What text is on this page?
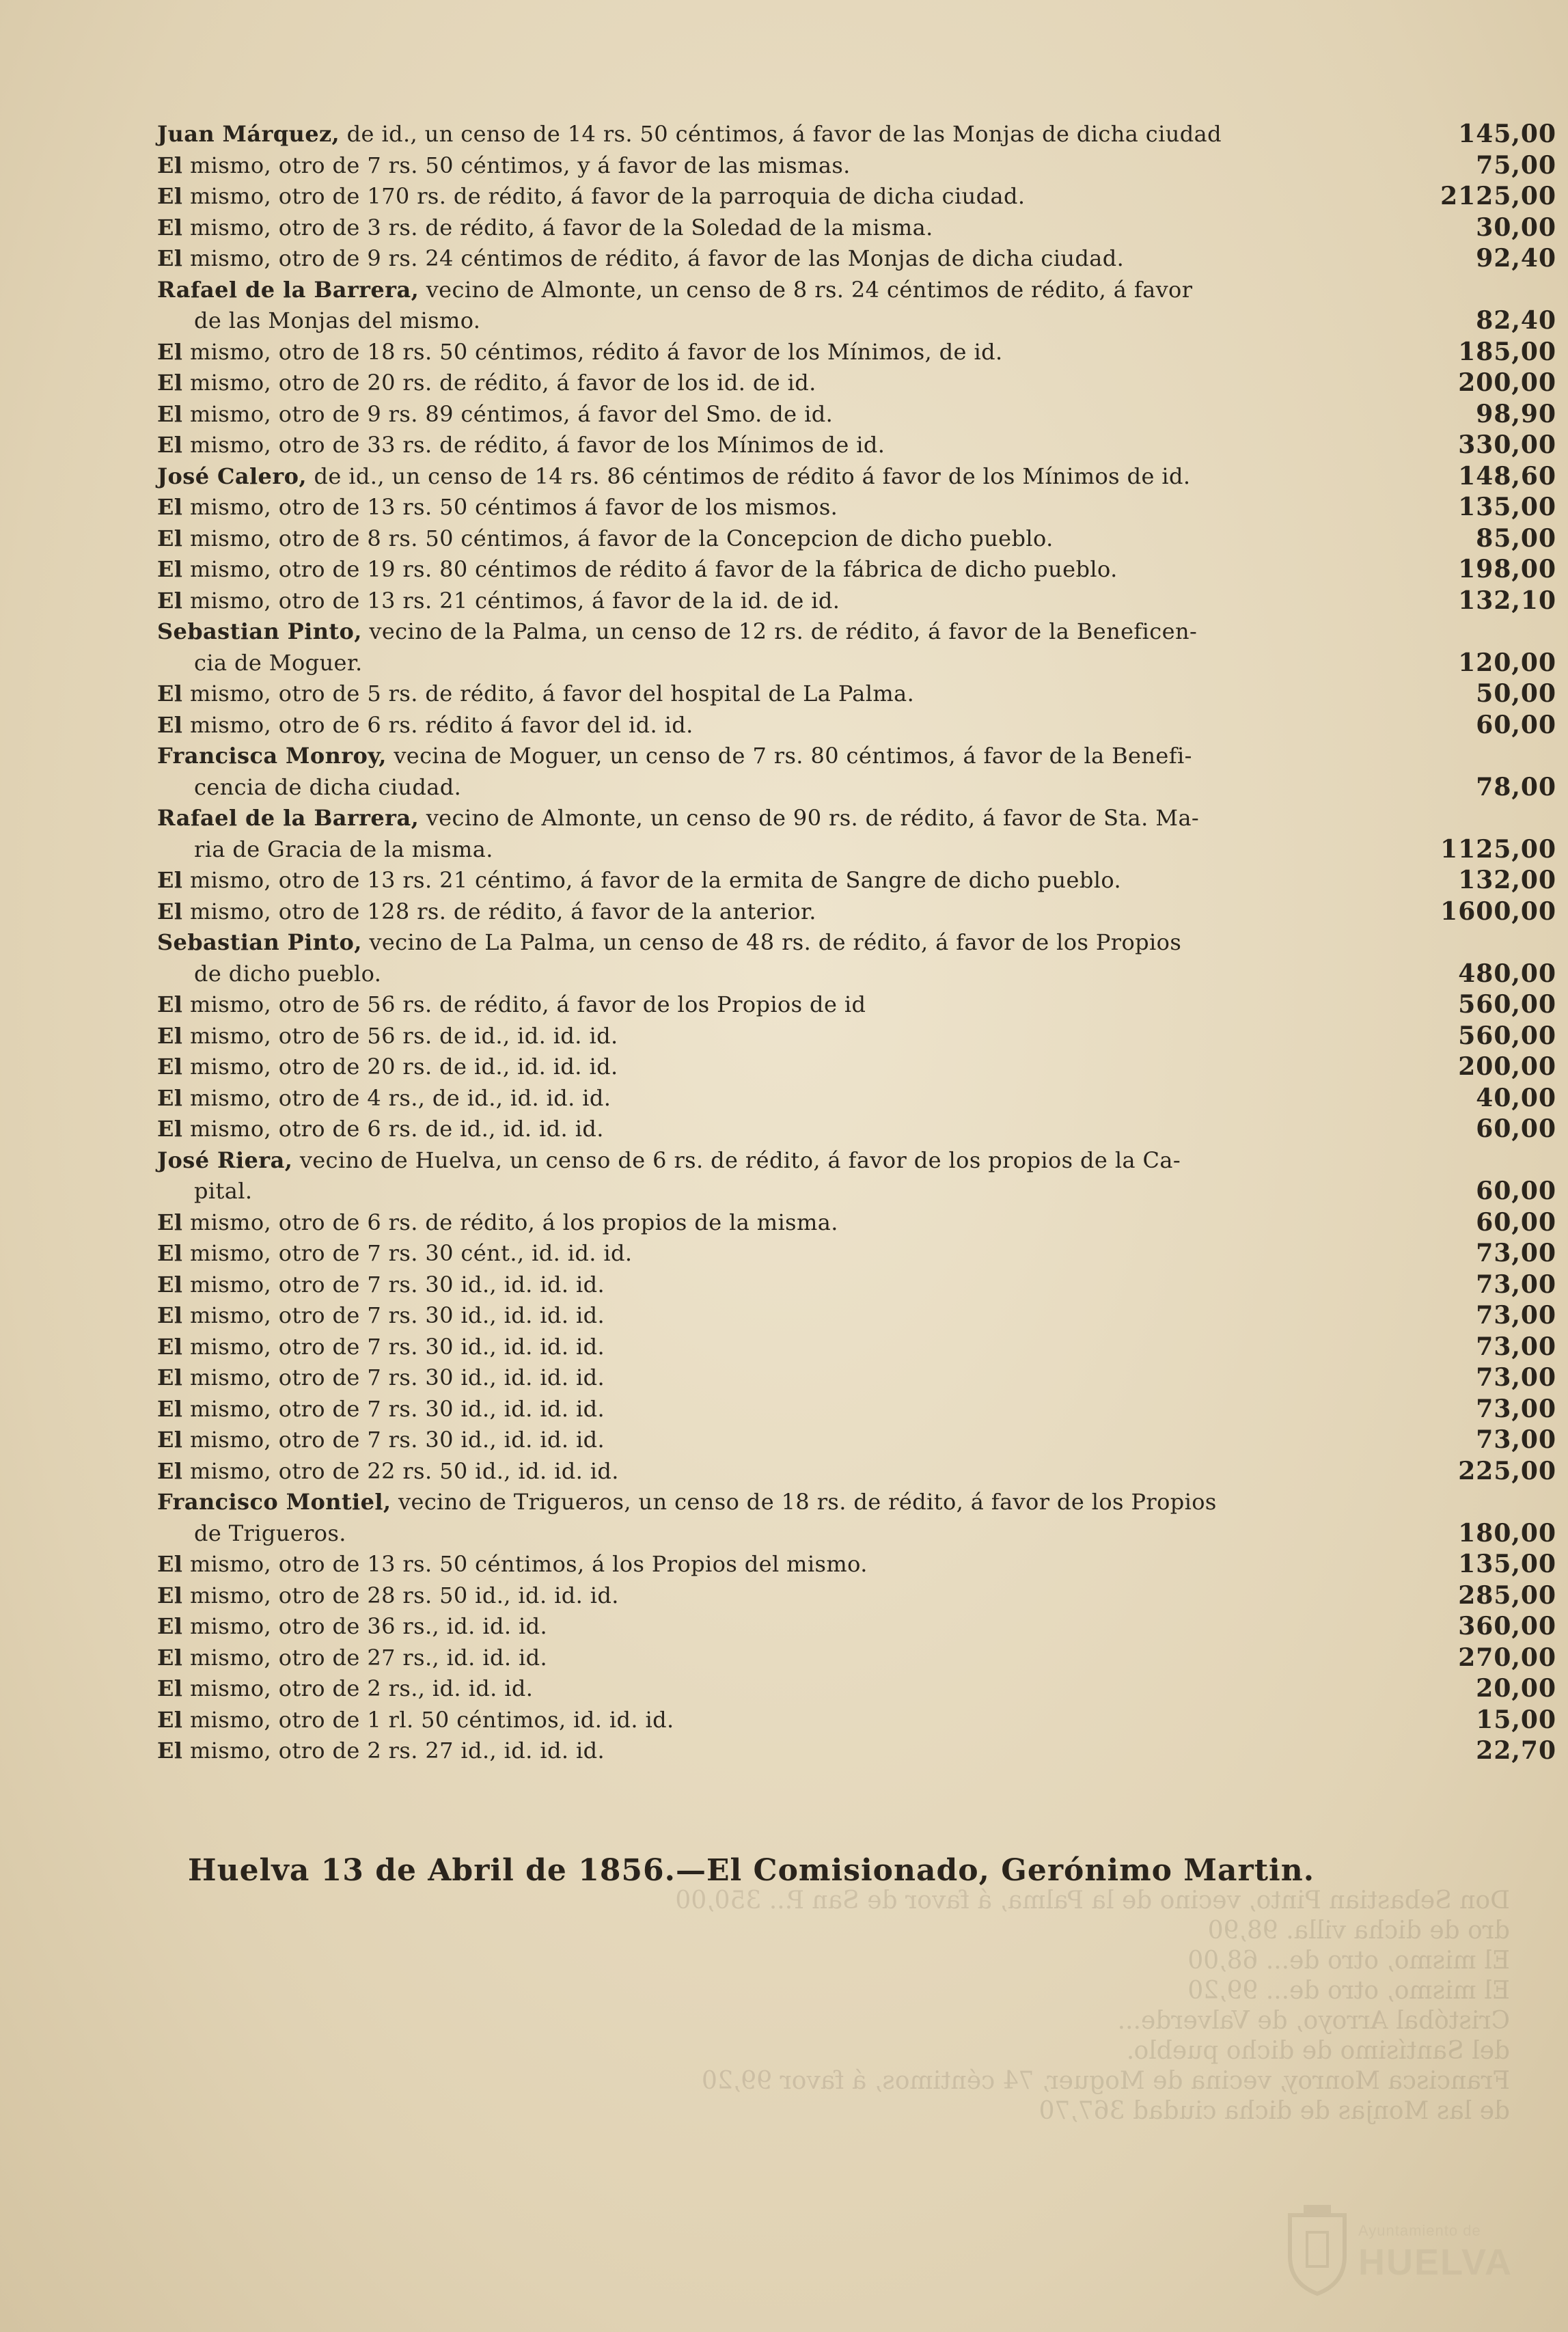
Don Sebastian Pinto, vecino de la Palma, á favor de San P... 350,00
dro de dicha villa. 98,90
El mismo, otro de... 68,00
El mismo, otro de... 99,20
Cristóbal Arroyo, de Valverde...
del Santísimo de dicho pueblo.
Francisca Monroy, vecina de Moguer, 74 céntimos, á favor 99,20
de las Monjas de dicha ciudad 367,70
Juan Márquez, de id., un censo de 14 rs. 50 céntimos, á favor de las Monjas de dicha ciudad	145,00
El mismo, otro de 7 rs. 50 céntimos, y á favor de las mismas.	75,00
El mismo, otro de 170 rs. de rédito, á favor de la parroquia de dicha ciudad.	2125,00
El mismo, otro de 3 rs. de rédito, á favor de la Soledad de la misma.	30,00
El mismo, otro de 9 rs. 24 céntimos de rédito, á favor de las Monjas de dicha ciudad.	92,40
Rafael de la Barrera, vecino de Almonte, un censo de 8 rs. 24 céntimos de rédito, á favor
de las Monjas del mismo.	82,40
El mismo, otro de 18 rs. 50 céntimos, rédito á favor de los Mínimos, de id.	185,00
El mismo, otro de 20 rs. de rédito, á favor de los id. de id.	200,00
El mismo, otro de 9 rs. 89 céntimos, á favor del Smo. de id.	98,90
El mismo, otro de 33 rs. de rédito, á favor de los Mínimos de id.	330,00
José Calero, de id., un censo de 14 rs. 86 céntimos de rédito á favor de los Mínimos de id.	148,60
El mismo, otro de 13 rs. 50 céntimos á favor de los mismos.	135,00
El mismo, otro de 8 rs. 50 céntimos, á favor de la Concepcion de dicho pueblo.	85,00
El mismo, otro de 19 rs. 80 céntimos de rédito á favor de la fábrica de dicho pueblo.	198,00
El mismo, otro de 13 rs. 21 céntimos, á favor de la id. de id.	132,10
Sebastian Pinto, vecino de la Palma, un censo de 12 rs. de rédito, á favor de la Beneficen-
cia de Moguer.	120,00
El mismo, otro de 5 rs. de rédito, á favor del hospital de La Palma.	50,00
El mismo, otro de 6 rs. rédito á favor del id. id.	60,00
Francisca Monroy, vecina de Moguer, un censo de 7 rs. 80 céntimos, á favor de la Benefi-
cencia de dicha ciudad.	78,00
Rafael de la Barrera, vecino de Almonte, un censo de 90 rs. de rédito, á favor de Sta. Ma-
ria de Gracia de la misma.	1125,00
El mismo, otro de 13 rs. 21 céntimo, á favor de la ermita de Sangre de dicho pueblo.	132,00
El mismo, otro de 128 rs. de rédito, á favor de la anterior.	1600,00
Sebastian Pinto, vecino de La Palma, un censo de 48 rs. de rédito, á favor de los Propios
de dicho pueblo.	480,00
El mismo, otro de 56 rs. de rédito, á favor de los Propios de id	560,00
El mismo, otro de 56 rs. de id., id. id. id.	560,00
El mismo, otro de 20 rs. de id., id. id. id.	200,00
El mismo, otro de 4 rs., de id., id. id. id.	40,00
El mismo, otro de 6 rs. de id., id. id. id.	60,00
José Riera, vecino de Huelva, un censo de 6 rs. de rédito, á favor de los propios de la Ca-
pital.	60,00
El mismo, otro de 6 rs. de rédito, á los propios de la misma.	60,00
El mismo, otro de 7 rs. 30 cént., id. id. id.	73,00
El mismo, otro de 7 rs. 30 id., id. id. id.	73,00
El mismo, otro de 7 rs. 30 id., id. id. id.	73,00
El mismo, otro de 7 rs. 30 id., id. id. id.	73,00
El mismo, otro de 7 rs. 30 id., id. id. id.	73,00
El mismo, otro de 7 rs. 30 id., id. id. id.	73,00
El mismo, otro de 7 rs. 30 id., id. id. id.	73,00
El mismo, otro de 22 rs. 50 id., id. id. id.	225,00
Francisco Montiel, vecino de Trigueros, un censo de 18 rs. de rédito, á favor de los Propios
de Trigueros.	180,00
El mismo, otro de 13 rs. 50 céntimos, á los Propios del mismo.	135,00
El mismo, otro de 28 rs. 50 id., id. id. id.	285,00
El mismo, otro de 36 rs., id. id. id.	360,00
El mismo, otro de 27 rs., id. id. id.	270,00
El mismo, otro de 2 rs., id. id. id.	20,00
El mismo, otro de 1 rl. 50 céntimos, id. id. id.	15,00
El mismo, otro de 2 rs. 27 id., id. id. id.	22,70
Huelva 13 de Abril de 1856.—El Comisionado, Gerónimo Martin.
Ayuntamiento de
HUELVA
